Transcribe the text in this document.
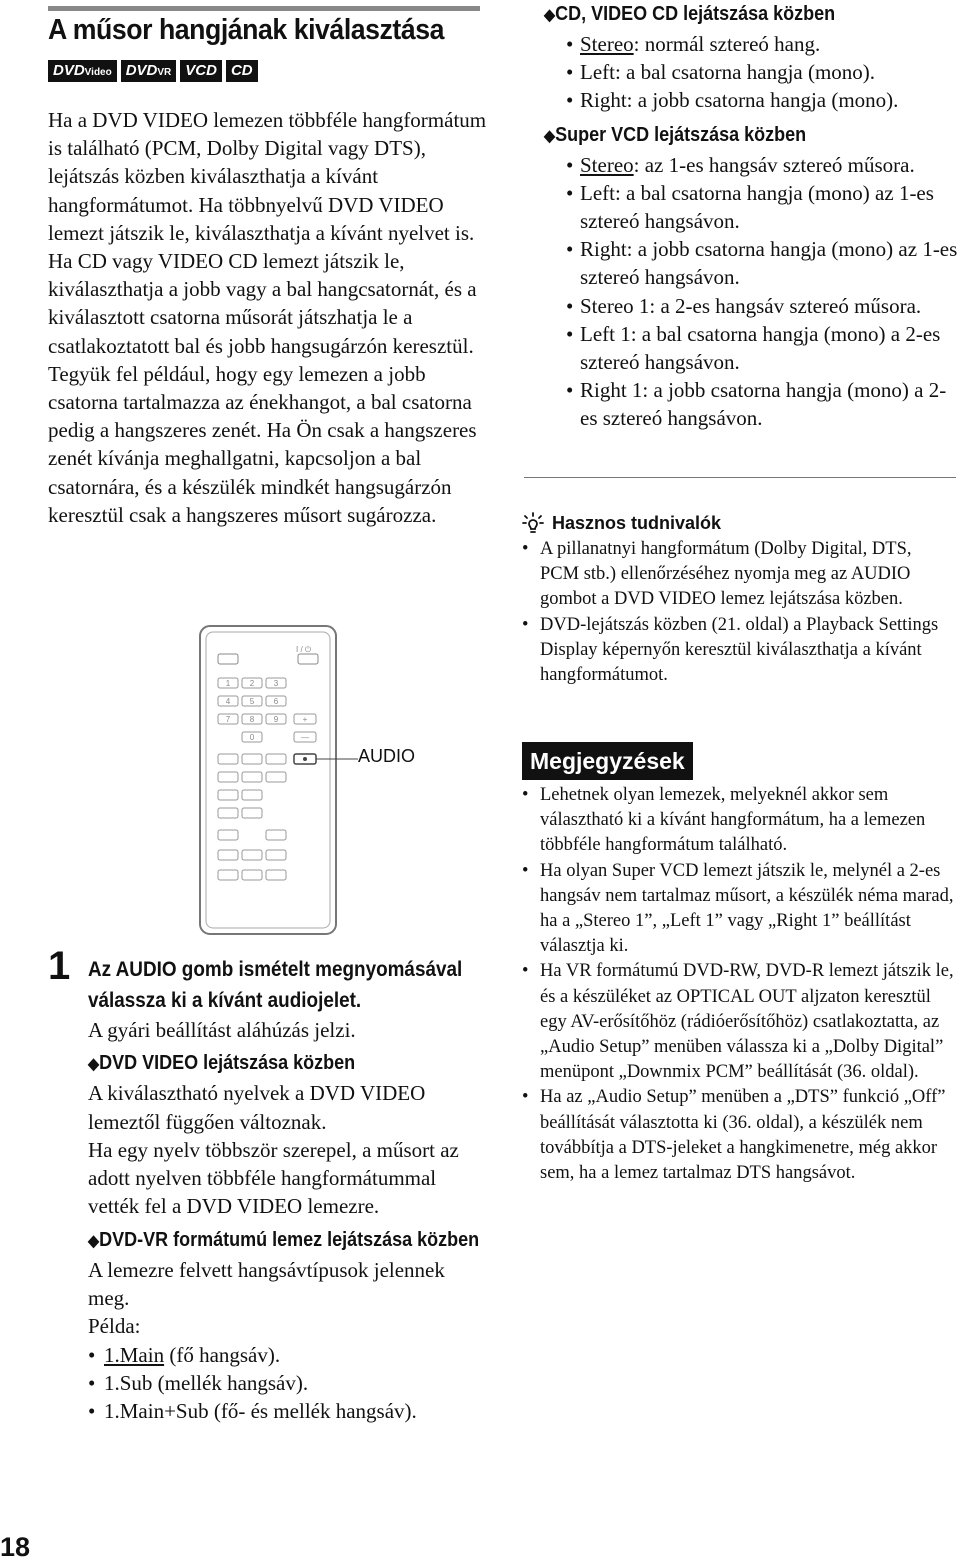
A műsor hangjának kiválasztása
DVDVideo DVDVR VCD CD

Ha a DVD VIDEO lemezen többféle hangformátum is található (PCM, Dolby Digital vagy DTS), lejátszás közben kiválaszthatja a kívánt hangformátumot. Ha többnyelvű DVD VIDEO lemezt játszik le, kiválaszthatja a kívánt nyelvet is.

Ha CD vagy VIDEO CD lemezt játszik le, kiválaszthatja a jobb vagy a bal hangcsatornát, és a kiválasztott csatorna műsorát játszhatja le a csatlakoztatott bal és jobb hangsugárzón keresztül. Tegyük fel például, hogy egy lemezen a jobb csatorna tartalmazza az énekhangot, a bal csatorna pedig a hangszeres zenét. Ha Ön csak a hangszeres zenét kívánja meghallgatni, kapcsoljon a bal csatornára, és a készülék mindkét hangsugárzón keresztül csak a hangszeres műsort sugározza.

I / ⏻
1 2 3
4 5 6
7 8 9
0
+
—
AUDIO
1 Az AUDIO gomb ismételt megnyomásával válassza ki a kívánt audiojelet.

A gyári beállítást aláhúzás jelzi.

◆DVD VIDEO lejátszása közben

A kiválasztható nyelvek a DVD VIDEO lemeztől függően változnak.

Ha egy nyelv többször szerepel, a műsort az adott nyelven többféle hangformátummal vették fel a DVD VIDEO lemezre.

◆DVD-VR formátumú lemez lejátszása közben

A lemezre felvett hangsávtípusok jelennek meg.

Példa:

• 1.Main (fő hangsáv).
• 1.Sub (mellék hangsáv).
• 1.Main+Sub (fő- és mellék hangsáv).
◆CD, VIDEO CD lejátszása közben
• Stereo: normál sztereó hang.
• Left: a bal csatorna hangja (mono).
• Right: a jobb csatorna hangja (mono).
◆Super VCD lejátszása közben
• Stereo: az 1-es hangsáv sztereó műsora.
• Left: a bal csatorna hangja (mono) az 1-es sztereó hangsávon.
• Right: a jobb csatorna hangja (mono) az 1-es sztereó hangsávon.
• Stereo 1: a 2-es hangsáv sztereó műsora.
• Left 1: a bal csatorna hangja (mono) a 2-es sztereó hangsávon.
• Right 1: a jobb csatorna hangja (mono) a 2-es sztereó hangsávon.
Hasznos tudnivalók
• A pillanatnyi hangformátum (Dolby Digital, DTS, PCM stb.) ellenőrzéséhez nyomja meg az AUDIO gombot a DVD VIDEO lemez lejátszása közben.
• DVD-lejátszás közben (21. oldal) a Playback Settings Display képernyőn keresztül kiválaszthatja a kívánt hangformátumot.
Megjegyzések
• Lehetnek olyan lemezek, melyeknél akkor sem választható ki a kívánt hangformátum, ha a lemezen többféle hangformátum található.
• Ha olyan Super VCD lemezt játszik le, melynél a 2-es hangsáv nem tartalmaz műsort, a készülék néma marad, ha a „Stereo 1”, „Left 1” vagy „Right 1” beállítást választja ki.
• Ha VR formátumú DVD-RW, DVD-R lemezt játszik le, és a készüléket az OPTICAL OUT aljzaton keresztül egy AV-erősítőhöz (rádióerősítőhöz) csatlakoztatta, az „Audio Setup” menüben válassza ki a „Dolby Digital” menüpont „Downmix PCM” beállítását (36. oldal).
• Ha az „Audio Setup” menüben a „DTS” funkció „Off” beállítását választotta ki (36. oldal), a készülék nem továbbítja a DTS-jeleket a hangkimenetre, még akkor sem, ha a lemez tartalmaz DTS hangsávot.
18
